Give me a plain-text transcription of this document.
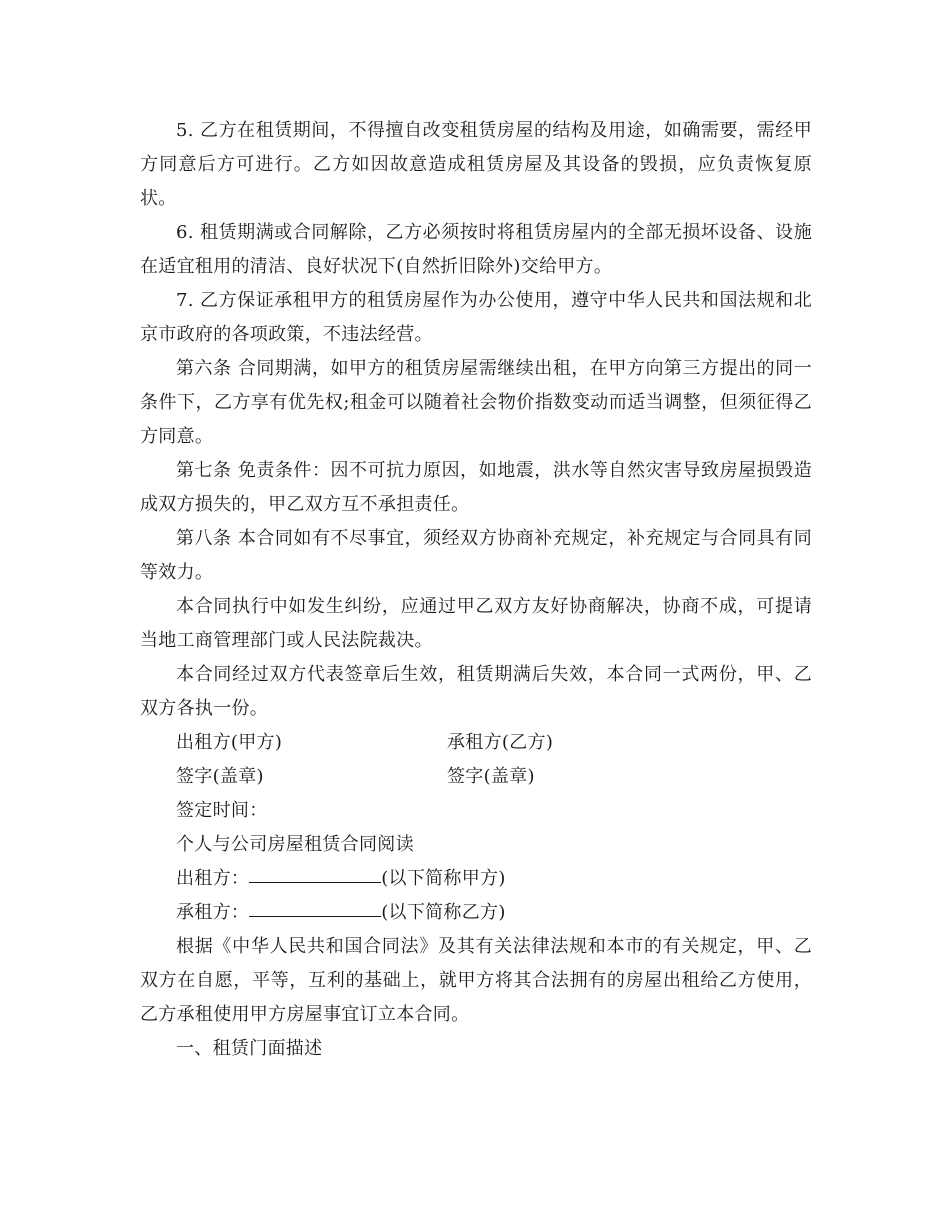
5. 乙方在租赁期间，不得擅自改变租赁房屋的结构及用途，如确需要，需经甲方同意后方可进行。乙方如因故意造成租赁房屋及其设备的毁损，应负责恢复原状。

6. 租赁期满或合同解除，乙方必须按时将租赁房屋内的全部无损坏设备、设施在适宜租用的清洁、良好状况下(自然折旧除外)交给甲方。

7. 乙方保证承租甲方的租赁房屋作为办公使用，遵守中华人民共和国法规和北京市政府的各项政策，不违法经营。

第六条 合同期满，如甲方的租赁房屋需继续出租，在甲方向第三方提出的同一条件下，乙方享有优先权;租金可以随着社会物价指数变动而适当调整，但须征得乙方同意。

第七条 免责条件：因不可抗力原因，如地震，洪水等自然灾害导致房屋损毁造成双方损失的，甲乙双方互不承担责任。

第八条 本合同如有不尽事宜，须经双方协商补充规定，补充规定与合同具有同等效力。

本合同执行中如发生纠纷，应通过甲乙双方友好协商解决，协商不成，可提请当地工商管理部门或人民法院裁决。

本合同经过双方代表签章后生效，租赁期满后失效，本合同一式两份，甲、乙双方各执一份。

出租方(甲方)	承租方(乙方)
签字(盖章)	签字(盖章)
签定时间：
个人与公司房屋租赁合同阅读
出租方：	(以下简称甲方)
承租方：	(以下简称乙方)

根据《中华人民共和国合同法》及其有关法律法规和本市的有关规定，甲、乙双方在自愿，平等，互利的基础上，就甲方将其合法拥有的房屋出租给乙方使用，乙方承租使用甲方房屋事宜订立本合同。

一、租赁门面描述
